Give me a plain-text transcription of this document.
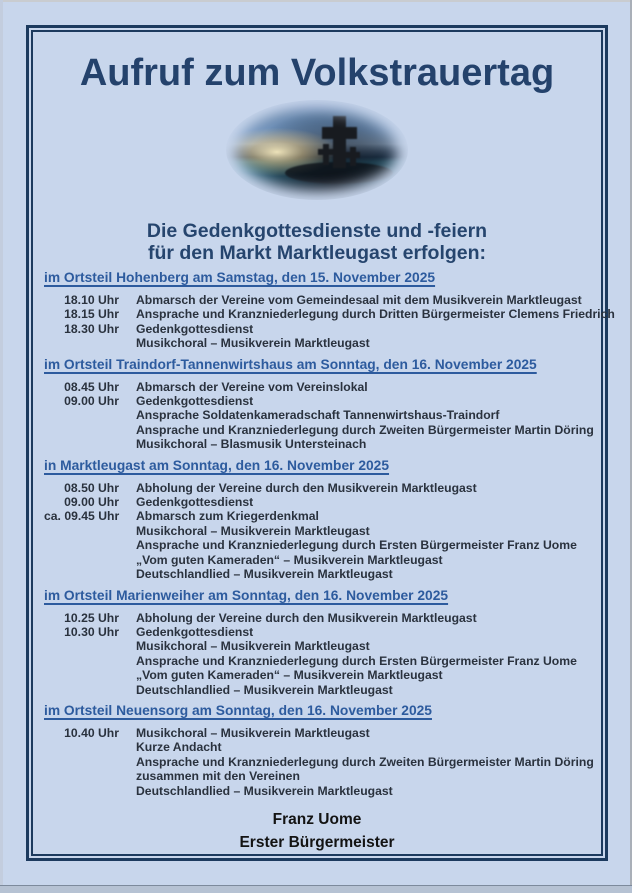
Aufruf zum Volkstrauertag
Die Gedenkgottesdienste und -feiern
für den Markt Marktleugast erfolgen:
im Ortsteil Hohenberg am Samstag, den 15. November 2025
18.10 Uhr Abmarsch der Vereine vom Gemeindesaal mit dem Musikverein Marktleugast
18.15 Uhr Ansprache und Kranzniederlegung durch Dritten Bürgermeister Clemens Friedrich
18.30 Uhr Gedenkgottesdienst
Musikchoral – Musikverein Marktleugast
im Ortsteil Traindorf-Tannenwirtshaus am Sonntag, den 16. November 2025
08.45 Uhr Abmarsch der Vereine vom Vereinslokal
09.00 Uhr Gedenkgottesdienst
Ansprache Soldatenkameradschaft Tannenwirtshaus-Traindorf
Ansprache und Kranzniederlegung durch Zweiten Bürgermeister Martin Döring
Musikchoral – Blasmusik Untersteinach
in Marktleugast am Sonntag, den 16. November 2025
08.50 Uhr Abholung der Vereine durch den Musikverein Marktleugast
09.00 Uhr Gedenkgottesdienst
ca. 09.45 Uhr Abmarsch zum Kriegerdenkmal
Musikchoral – Musikverein Marktleugast
Ansprache und Kranzniederlegung durch Ersten Bürgermeister Franz Uome
„Vom guten Kameraden“ – Musikverein Marktleugast
Deutschlandlied – Musikverein Marktleugast
im Ortsteil Marienweiher am Sonntag, den 16. November 2025
10.25 Uhr Abholung der Vereine durch den Musikverein Marktleugast
10.30 Uhr Gedenkgottesdienst
Musikchoral – Musikverein Marktleugast
Ansprache und Kranzniederlegung durch Ersten Bürgermeister Franz Uome
„Vom guten Kameraden“ – Musikverein Marktleugast
Deutschlandlied – Musikverein Marktleugast
im Ortsteil Neuensorg am Sonntag, den 16. November 2025
10.40 Uhr Musikchoral – Musikverein Marktleugast
Kurze Andacht
Ansprache und Kranzniederlegung durch Zweiten Bürgermeister Martin Döring
zusammen mit den Vereinen
Deutschlandlied – Musikverein Marktleugast

Franz Uome

Erster Bürgermeister
